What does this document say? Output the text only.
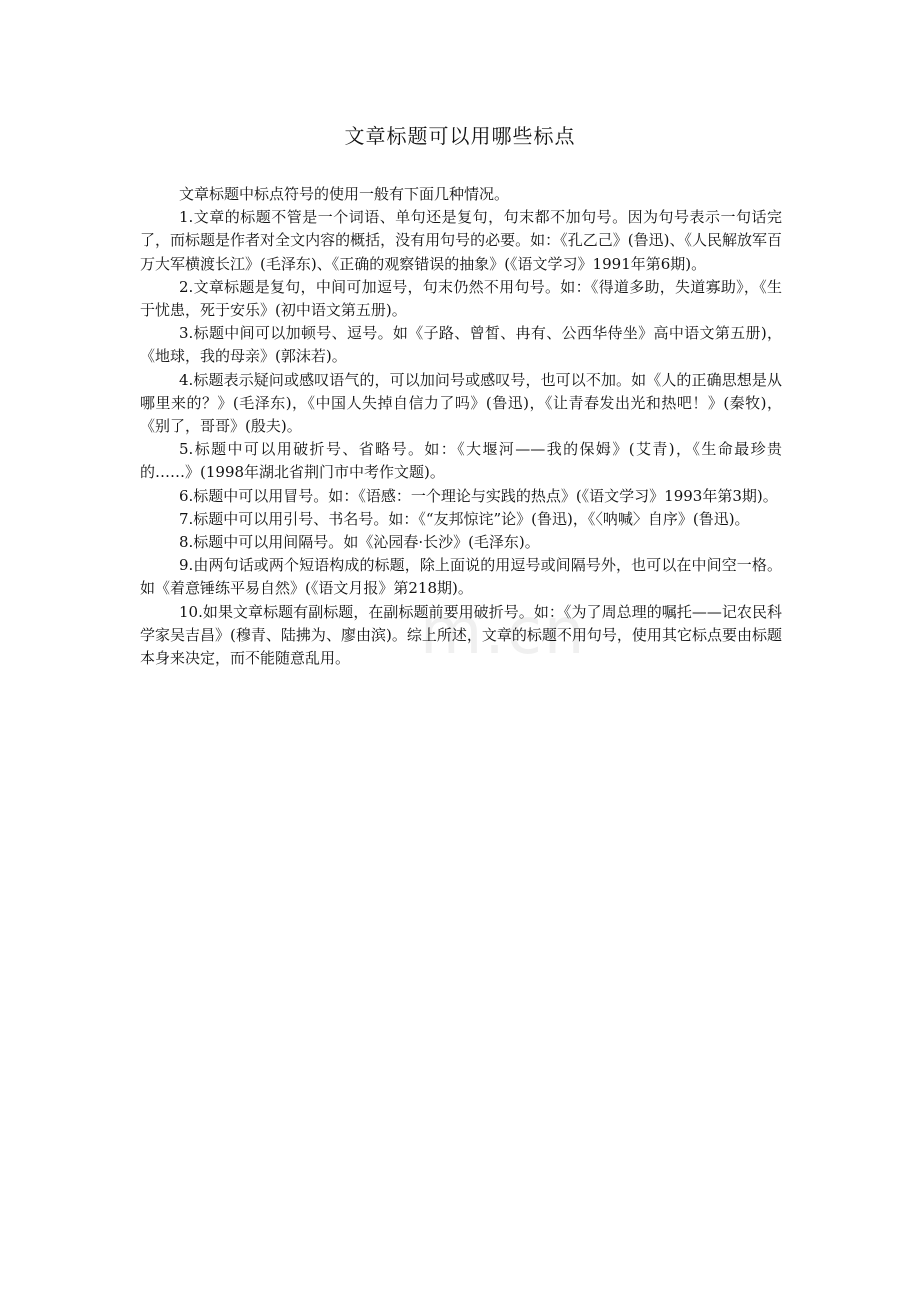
文章标题可以用哪些标点

文章标题中标点符号的使用一般有下面几种情况。

1.文章的标题不管是一个词语、单句还是复句，句末都不加句号。因为句号表示一句话完了，而标题是作者对全文内容的概括，没有用句号的必要。如：《孔乙己》(鲁迅)、《人民解放军百万大军横渡长江》(毛泽东)、《正确的观察错误的抽象》(《语文学习》1991年第6期)。

2.文章标题是复句，中间可加逗号，句末仍然不用句号。如：《得道多助，失道寡助》，《生于忧患，死于安乐》(初中语文第五册)。

3.标题中间可以加顿号、逗号。如《子路、曾皙、冉有、公西华侍坐》高中语文第五册)，《地球，我的母亲》(郭沫若)。

4.标题表示疑问或感叹语气的，可以加问号或感叹号，也可以不加。如《人的正确思想是从哪里来的？》(毛泽东)，《中国人失掉自信力了吗》(鲁迅)，《让青春发出光和热吧！》(秦牧)，《别了，哥哥》(殷夫)。

5.标题中可以用破折号、省略号。如：《大堰河——我的保姆》(艾青)，《生命最珍贵的……》(1998年湖北省荆门市中考作文题)。

6.标题中可以用冒号。如：《语感：一个理论与实践的热点》(《语文学习》1993年第3期)。

7.标题中可以用引号、书名号。如：《“友邦惊诧”论》(鲁迅)，《〈呐喊〉自序》(鲁迅)。

8.标题中可以用间隔号。如《沁园春·长沙》(毛泽东)。

9.由两句话或两个短语构成的标题，除上面说的用逗号或间隔号外，也可以在中间空一格。如《着意锤练平易自然》(《语文月报》第218期)。

10.如果文章标题有副标题，在副标题前要用破折号。如：《为了周总理的嘱托——记农民科学家吴吉昌》(穆青、陆拂为、廖由滨)。综上所述，文章的标题不用句号，使用其它标点要由标题本身来决定，而不能随意乱用。	m.cn
